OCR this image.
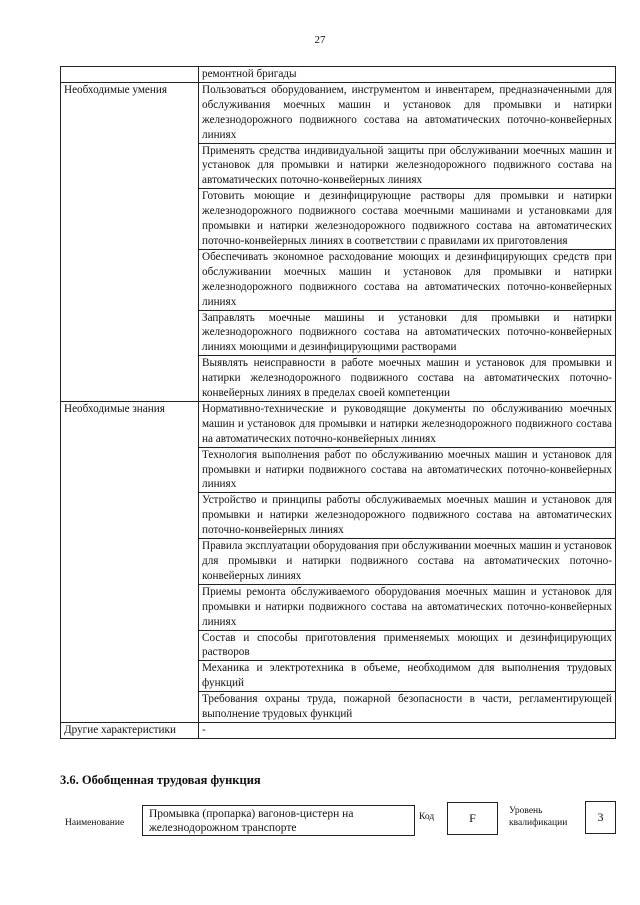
27
	ремонтной бригады
Необходимые умения	Пользоваться оборудованием, инструментом и инвентарем, предназначенными для обслуживания моечных машин и установок для промывки и натирки железнодорожного подвижного состава на автоматических поточно-конвейерных линиях
	Применять средства индивидуальной защиты при обслуживании моечных машин и установок для промывки и натирки железнодорожного подвижного состава на автоматических поточно-конвейерных линиях
	Готовить моющие и дезинфицирующие растворы для промывки и натирки железнодорожного подвижного состава моечными машинами и установками для промывки и натирки железнодорожного подвижного состава на автоматических поточно-конвейерных линиях в соответствии с правилами их приготовления
	Обеспечивать экономное расходование моющих и дезинфицирующих средств при обслуживании моечных машин и установок для промывки и натирки железнодорожного подвижного состава на автоматических поточно-конвейерных линиях
	Заправлять моечные машины и установки для промывки и натирки железнодорожного подвижного состава на автоматических поточно-конвейерных линиях моющими и дезинфицирующими растворами
	Выявлять неисправности в работе моечных машин и установок для промывки и натирки железнодорожного подвижного состава на автоматических поточно-конвейерных линиях в пределах своей компетенции
Необходимые знания	Нормативно-технические и руководящие документы по обслуживанию моечных машин и установок для промывки и натирки железнодорожного подвижного состава на автоматических поточно-конвейерных линиях
	Технология выполнения работ по обслуживанию моечных машин и установок для промывки и натирки подвижного состава на автоматических поточно-конвейерных линиях
	Устройство и принципы работы обслуживаемых моечных машин и установок для промывки и натирки железнодорожного подвижного состава на автоматических поточно-конвейерных линиях
	Правила эксплуатации оборудования при обслуживании моечных машин и установок для промывки и натирки подвижного состава на автоматических поточно-конвейерных линиях
	Приемы ремонта обслуживаемого оборудования моечных машин и установок для промывки и натирки подвижного состава на автоматических поточно-конвейерных линиях
	Состав и способы приготовления применяемых моющих и дезинфицирующих растворов
	Механика и электротехника в объеме, необходимом для выполнения трудовых функций
	Требования охраны труда, пожарной безопасности в части, регламентирующей выполнение трудовых функций
Другие характеристики	-
3.6. Обобщенная трудовая функция
Наименование
Промывка (пропарка) вагонов-цистерн на железнодорожном транспорте
Код	F	Уровень квалификации	3
